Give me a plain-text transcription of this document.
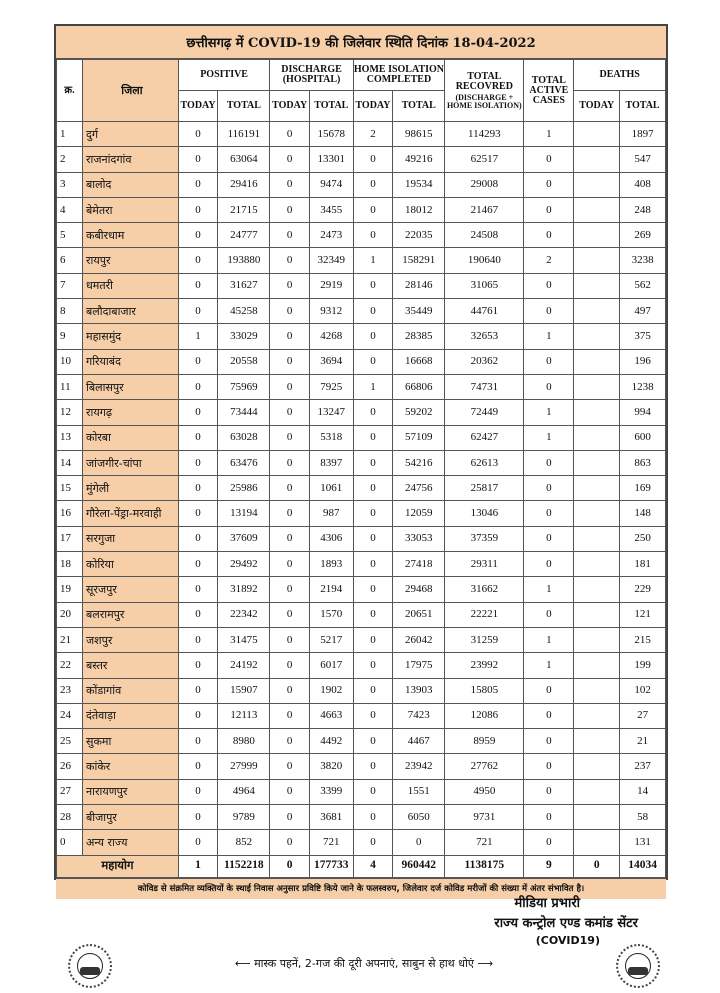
छत्तीसगढ़ में COVID-19 की जिलेवार स्थिति दिनांक 18-04-2022
क्र.	जिला	POSITIVE		DISCHARGE (HOSPITAL)		HOME ISOLATION COMPLETED		TOTAL RECOVRED
(DISCHARGE + HOME ISOLATION)	TOTAL ACTIVE CASES	DEATHS	
		TODAY	TOTAL	TODAY	TOTAL	TODAY	TOTAL			TODAY	TOTAL
1	दुर्ग	0	116191	0	15678	2	98615	114293	1		1897
2	राजनांदगांव	0	63064	0	13301	0	49216	62517	0		547
3	बालोद	0	29416	0	9474	0	19534	29008	0		408
4	बेमेतरा	0	21715	0	3455	0	18012	21467	0		248
5	कबीरधाम	0	24777	0	2473	0	22035	24508	0		269
6	रायपुर	0	193880	0	32349	1	158291	190640	2		3238
7	धमतरी	0	31627	0	2919	0	28146	31065	0		562
8	बलौदाबाजार	0	45258	0	9312	0	35449	44761	0		497
9	महासमुंद	1	33029	0	4268	0	28385	32653	1		375
10	गरियाबंद	0	20558	0	3694	0	16668	20362	0		196
11	बिलासपुर	0	75969	0	7925	1	66806	74731	0		1238
12	रायगढ़	0	73444	0	13247	0	59202	72449	1		994
13	कोरबा	0	63028	0	5318	0	57109	62427	1		600
14	जांजगीर-चांपा	0	63476	0	8397	0	54216	62613	0		863
15	मुंगेली	0	25986	0	1061	0	24756	25817	0		169
16	गौरेला-पेंड्रा-मरवाही	0	13194	0	987	0	12059	13046	0		148
17	सरगुजा	0	37609	0	4306	0	33053	37359	0		250
18	कोरिया	0	29492	0	1893	0	27418	29311	0		181
19	सूरजपुर	0	31892	0	2194	0	29468	31662	1		229
20	बलरामपुर	0	22342	0	1570	0	20651	22221	0		121
21	जशपुर	0	31475	0	5217	0	26042	31259	1		215
22	बस्तर	0	24192	0	6017	0	17975	23992	1		199
23	कोंडागांव	0	15907	0	1902	0	13903	15805	0		102
24	दंतेवाड़ा	0	12113	0	4663	0	7423	12086	0		27
25	सुकमा	0	8980	0	4492	0	4467	8959	0		21
26	कांकेर	0	27999	0	3820	0	23942	27762	0		237
27	नारायणपुर	0	4964	0	3399	0	1551	4950	0		14
28	बीजापुर	0	9789	0	3681	0	6050	9731	0		58
0	अन्य राज्य	0	852	0	721	0	0	721	0		131
महायोग		1	1152218	0	177733	4	960442	1138175	9	0	14034
कोविड से संक्रमित व्यक्तियों के स्थाई निवास अनुसार प्रविष्टि किये जाने के फलस्वरुप, जिलेवार दर्ज कोविड मरीजों की संख्या में अंतर संभावित है।
मीडिया प्रभारी
राज्य कन्ट्रोल एण्ड कमांड सेंटर
(COVID19)
⟵ मास्क पहनें, 2-गज की दूरी अपनाएं, साबुन से हाथ धोएं ⟶
